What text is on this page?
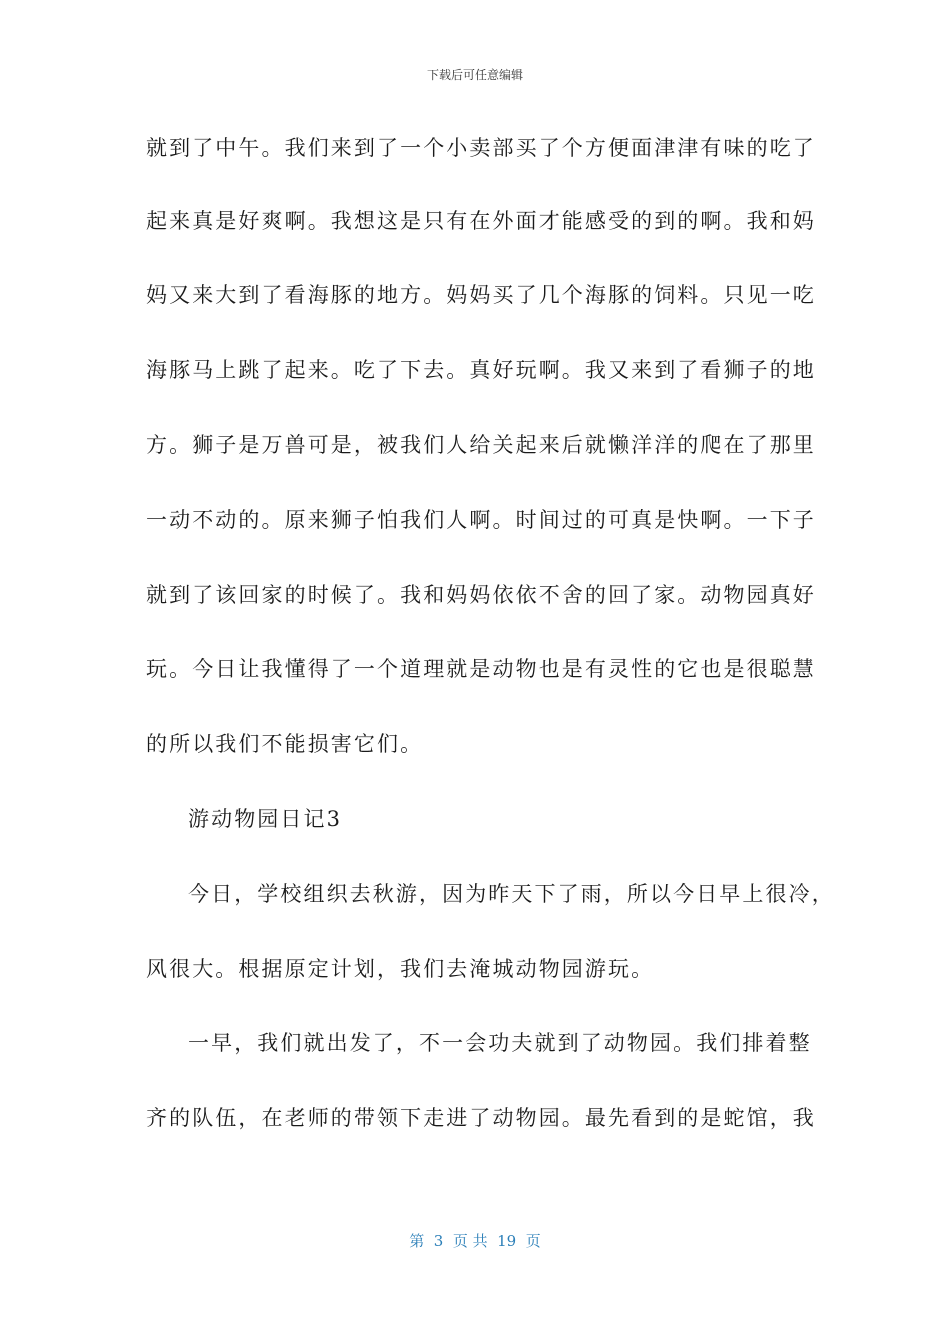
下载后可任意编辑
就到了中午。我们来到了一个小卖部买了个方便面津津有味的吃了
起来真是好爽啊。我想这是只有在外面才能感受的到的啊。我和妈
妈又来大到了看海豚的地方。妈妈买了几个海豚的饲料。只见一吃
海豚马上跳了起来。吃了下去。真好玩啊。我又来到了看狮子的地
方。狮子是万兽可是，被我们人给关起来后就懒洋洋的爬在了那里
一动不动的。原来狮子怕我们人啊。时间过的可真是快啊。一下子
就到了该回家的时候了。我和妈妈依依不舍的回了家。动物园真好
玩。今日让我懂得了一个道理就是动物也是有灵性的它也是很聪慧
的所以我们不能损害它们。
游动物园日记3
今日，学校组织去秋游，因为昨天下了雨，所以今日早上很冷，
风很大。根据原定计划，我们去淹城动物园游玩。
一早，我们就出发了，不一会功夫就到了动物园。我们排着整
齐的队伍，在老师的带领下走进了动物园。最先看到的是蛇馆，我
第  3  页 共  19  页
